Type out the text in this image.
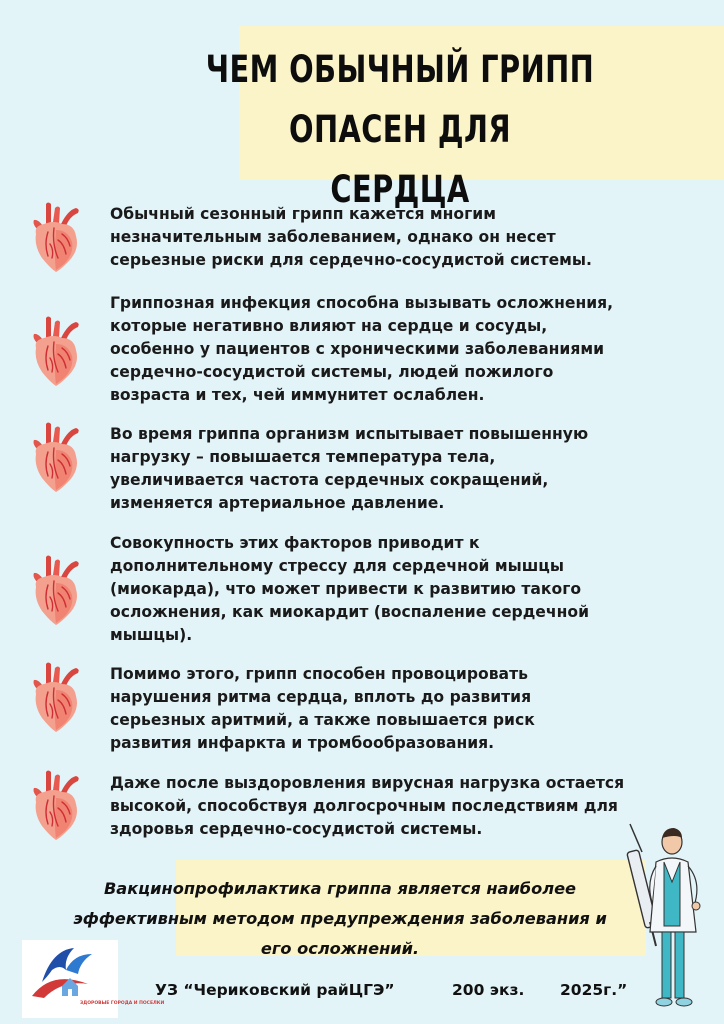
ЧЕМ ОБЫЧНЫЙ ГРИПП ОПАСЕН ДЛЯ
СЕРДЦА
Обычный сезонный грипп кажется многим
незначительным заболеванием, однако он несет
серьезные риски для сердечно-сосудистой системы.
Гриппозная инфекция способна вызывать осложнения,
которые негативно влияют на сердце и сосуды,
особенно у пациентов с хроническими заболеваниями
сердечно-сосудистой системы, людей пожилого
возраста и тех, чей иммунитет ослаблен.
Во время гриппа организм испытывает повышенную
нагрузку – повышается температура тела,
увеличивается частота сердечных сокращений,
изменяется артериальное давление.
Совокупность этих факторов приводит к
дополнительному стрессу для сердечной мышцы
(миокарда), что может привести к развитию такого
осложнения, как миокардит (воспаление сердечной
мышцы).
Помимо этого, грипп способен провоцировать
нарушения ритма сердца, вплоть до развития
серьезных аритмий, а также повышается риск
развития инфаркта и тромбообразования.
Даже после выздоровления вирусная нагрузка остается
высокой, способствуя долгосрочным последствиям для
здоровья сердечно-сосудистой системы.
Вакцинопрофилактика гриппа является наиболее
эффективным методом предупреждения заболевания и
его осложнений.
ЗДОРОВЫЕ ГОРОДА И ПОСЕЛКИ
УЗ “Чериковский райЦГЭ”	200 экз. 2025г.”
